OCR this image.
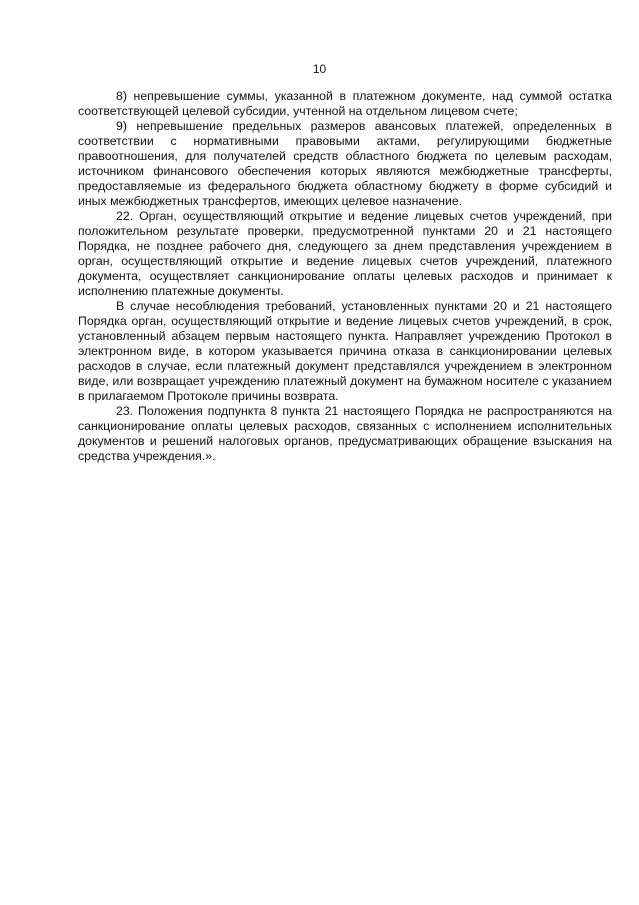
10

8) непревышение суммы, указанной в платежном документе, над суммой остатка соответствующей целевой субсидии, учтенной на отдельном лицевом счете;

9) непревышение предельных размеров авансовых платежей, определенных в соответствии с нормативными правовыми актами, регулирующими бюджетные правоотношения, для получателей средств областного бюджета по целевым расходам, источником финансового обеспечения которых являются межбюджетные трансферты, предоставляемые из федерального бюджета областному бюджету в форме субсидий и иных межбюджетных трансфертов, имеющих целевое назначение.

22. Орган, осуществляющий открытие и ведение лицевых счетов учреждений, при положительном результате проверки, предусмотренной пунктами 20 и 21 настоящего Порядка, не позднее рабочего дня, следующего за днем представления учреждением в орган, осуществляющий открытие и ведение лицевых счетов учреждений, платежного документа, осуществляет санкционирование оплаты целевых расходов и принимает к исполнению платежные документы.

В случае несоблюдения требований, установленных пунктами 20 и 21 настоящего Порядка орган, осуществляющий открытие и ведение лицевых счетов учреждений, в срок, установленный абзацем первым настоящего пункта. Направляет учреждению Протокол в электронном виде, в котором указывается причина отказа в санкционировании целевых расходов в случае, если платежный документ представлялся учреждением в электронном виде, или возвращает учреждению платежный документ на бумажном носителе с указанием в прилагаемом Протоколе причины возврата.

23. Положения подпункта 8 пункта 21 настоящего Порядка не распространяются на санкционирование оплаты целевых расходов, связанных с исполнением исполнительных документов и решений налоговых органов, предусматривающих обращение взыскания на средства учреждения.».
